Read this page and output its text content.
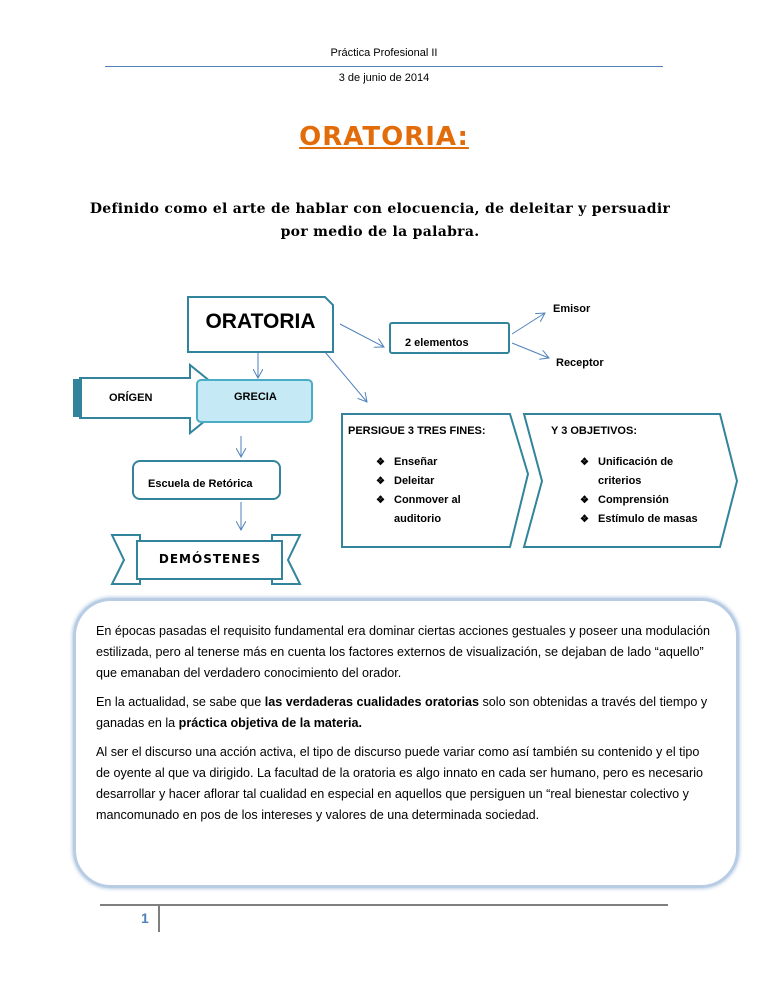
Práctica Profesional II
3 de junio de 2014
ORATORIA:
Definido como el arte de hablar con elocuencia, de deleitar y persuadir por medio de la palabra.
ORATORIA
2 elementos
Emisor
Receptor
ORÍGEN	GRECIA
Escuela de Retórica
DEMÓSTENES
PERSIGUE 3 TRES FINES:
❖ Enseñar
❖ Deleitar
❖ Conmover al
auditorio
Y 3 OBJETIVOS:
❖ Unificación de
criterios
❖ Comprensión
❖ Estímulo de masas

En épocas pasadas el requisito fundamental era dominar ciertas acciones gestuales y poseer una modulación estilizada, pero al tenerse más en cuenta los factores externos de visualización, se dejaban de lado “aquello” que emanaban del verdadero conocimiento del orador.

En la actualidad, se sabe que las verdaderas cualidades oratorias solo son obtenidas a través del tiempo y ganadas en la práctica objetiva de la materia.

Al ser el discurso una acción activa, el tipo de discurso puede variar como así también su contenido y el tipo de oyente al que va dirigido. La facultad de la oratoria es algo innato en cada ser humano, pero es necesario desarrollar y hacer aflorar tal cualidad en especial en aquellos que persiguen un “real bienestar colectivo y mancomunado en pos de los intereses y valores de una determinada sociedad.

1
